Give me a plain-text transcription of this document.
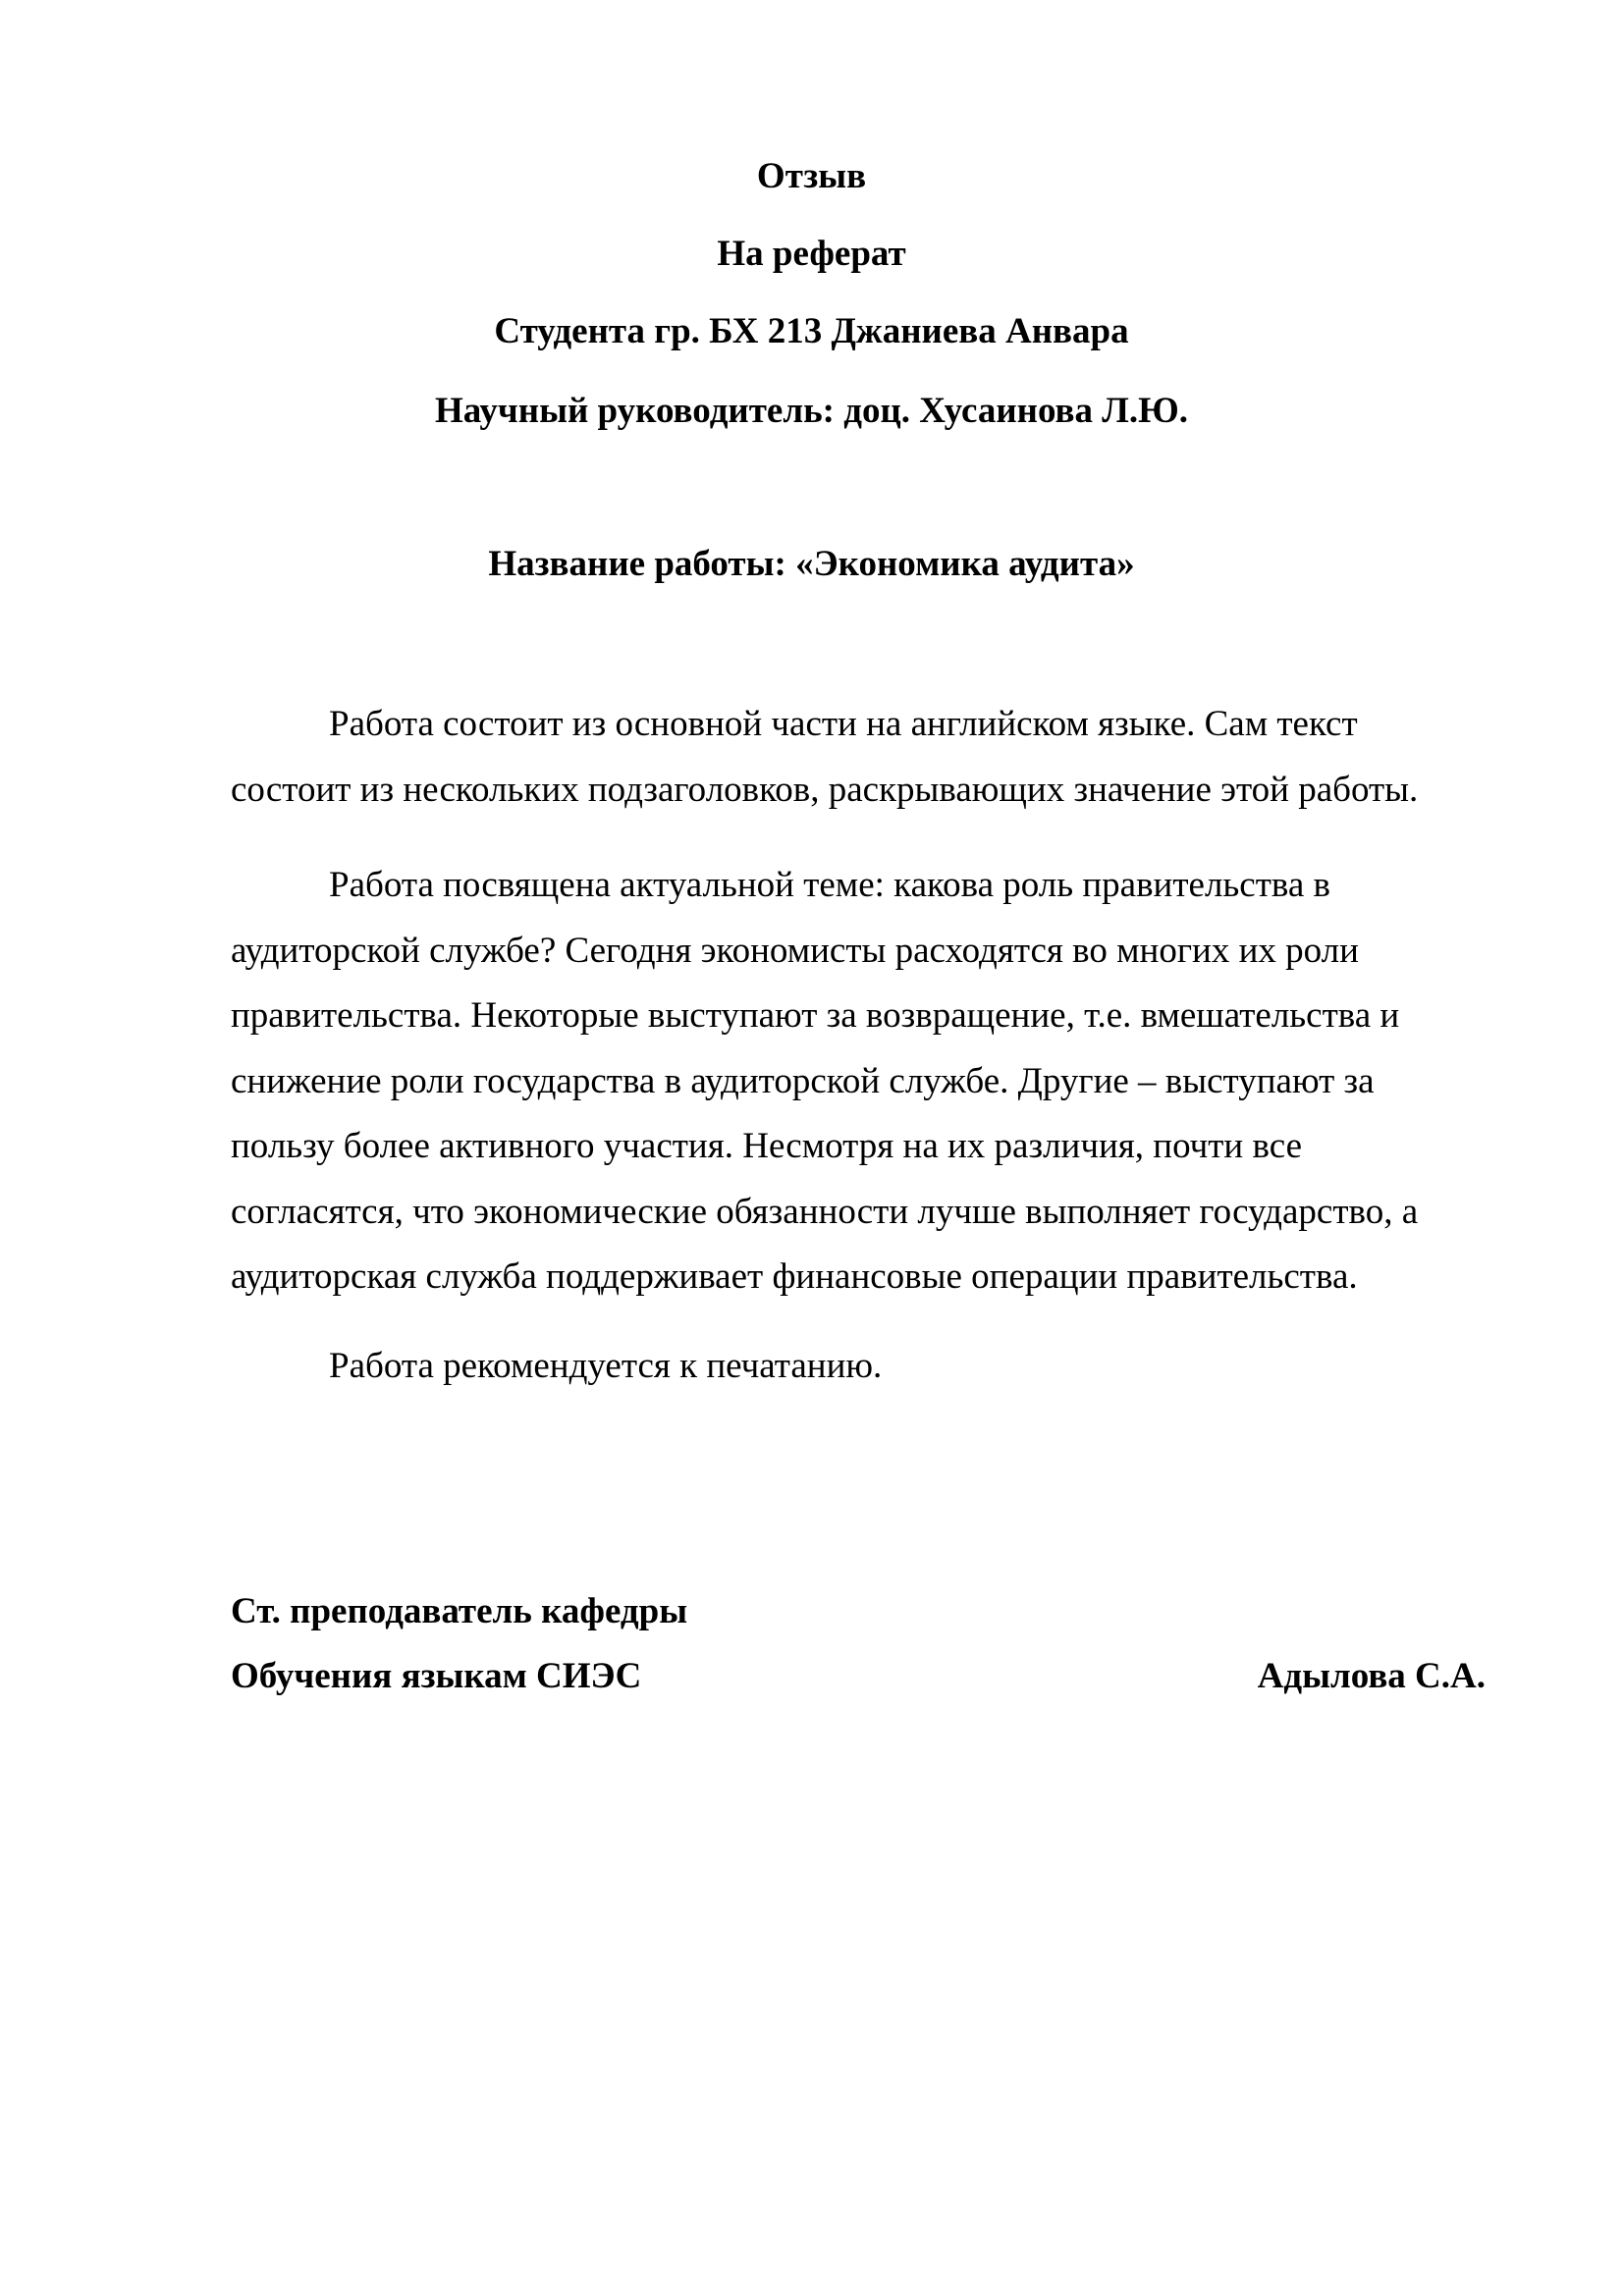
Отзыв
На реферат
Студента гр. БХ 213 Джаниева Анвара
Научный руководитель: доц. Хусаинова Л.Ю.
Название работы: «Экономика аудита»
Работа состоит из основной части на английском языке. Сам текст
состоит из нескольких подзаголовков, раскрывающих значение этой работы.
Работа посвящена актуальной теме: какова роль правительства в
аудиторской службе? Сегодня экономисты расходятся во многих их роли
правительства. Некоторые выступают за возвращение, т.е. вмешательства и
снижение роли государства в аудиторской службе. Другие – выступают за
пользу более активного участия. Несмотря на их различия, почти все
согласятся, что экономические обязанности лучше выполняет государство, а
аудиторская служба поддерживает финансовые операции правительства.
Работа рекомендуется к печатанию.
Ст. преподаватель кафедры
Обучения языкам СИЭС	Адылова С.А.
